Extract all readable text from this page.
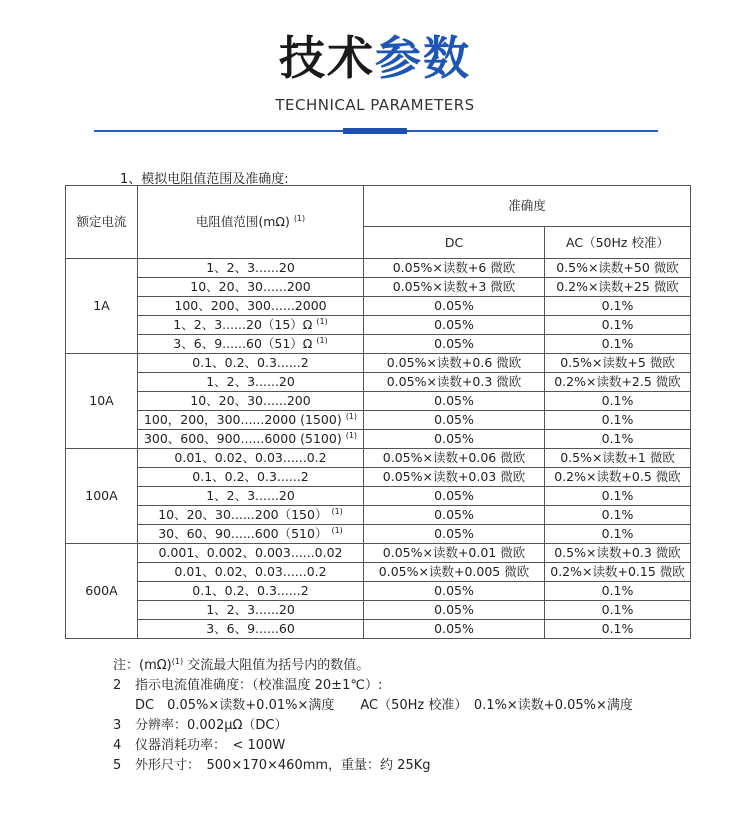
技术参数
TECHNICAL PARAMETERS
1、模拟电阻值范围及准确度:
额定电流	电阻值范围(mΩ) $^{(1)}$	准确度	
		DC	AC（50Hz 校准）
1A	1、2、3......20	0.05%×读数+6 微欧	0.5%×读数+50 微欧
	10、20、30......200	0.05%×读数+3 微欧	0.2%×读数+25 微欧
	100、200、300......2000	0.05%	0.1%
	1、2、3......20（15）Ω $^{(1)}$	0.05%	0.1%
	3、6、9......60（51）Ω $^{(1)}$	0.05%	0.1%
10A	0.1、0.2、0.3......2	0.05%×读数+0.6 微欧	0.5%×读数+5 微欧
	1、2、3......20	0.05%×读数+0.3 微欧	0.2%×读数+2.5 微欧
	10、20、30......200	0.05%	0.1%
	100，200，300......2000 (1500) $^{(1)}$	0.05%	0.1%
	300、600、900......6000 (5100) $^{(1)}$	0.05%	0.1%
100A	0.01、0.02、0.03......0.2	0.05%×读数+0.06 微欧	0.5%×读数+1 微欧
	0.1、0.2、0.3......2	0.05%×读数+0.03 微欧	0.2%×读数+0.5 微欧
	1、2、3......20	0.05%	0.1%
	10、20、30......200（150） $^{(1)}$	0.05%	0.1%
	30、60、90......600（510） $^{(1)}$	0.05%	0.1%
600A	0.001、0.002、0.003......0.02	0.05%×读数+0.01 微欧	0.5%×读数+0.3 微欧
	0.01、0.02、0.03......0.2	0.05%×读数+0.005 微欧	0.2%×读数+0.15 微欧
	0.1、0.2、0.3......2	0.05%	0.1%
	1、2、3......20	0.05%	0.1%
	3、6、9......60	0.05%	0.1%
注：$(m\Omega)^{(1)}$ 交流最大阻值为括号内的数值。
2 指示电流值准确度：（校准温度 20±1℃）:
DC　0.05%×读数+0.01%×满度 AC（50Hz 校准）　0.1%×读数+0.05%×满度
3 分辨率：0.002μΩ（DC）
4 仪器消耗功率：　< 100W
5 外形尺寸：　500×170×460mm，重量：约 25Kg
